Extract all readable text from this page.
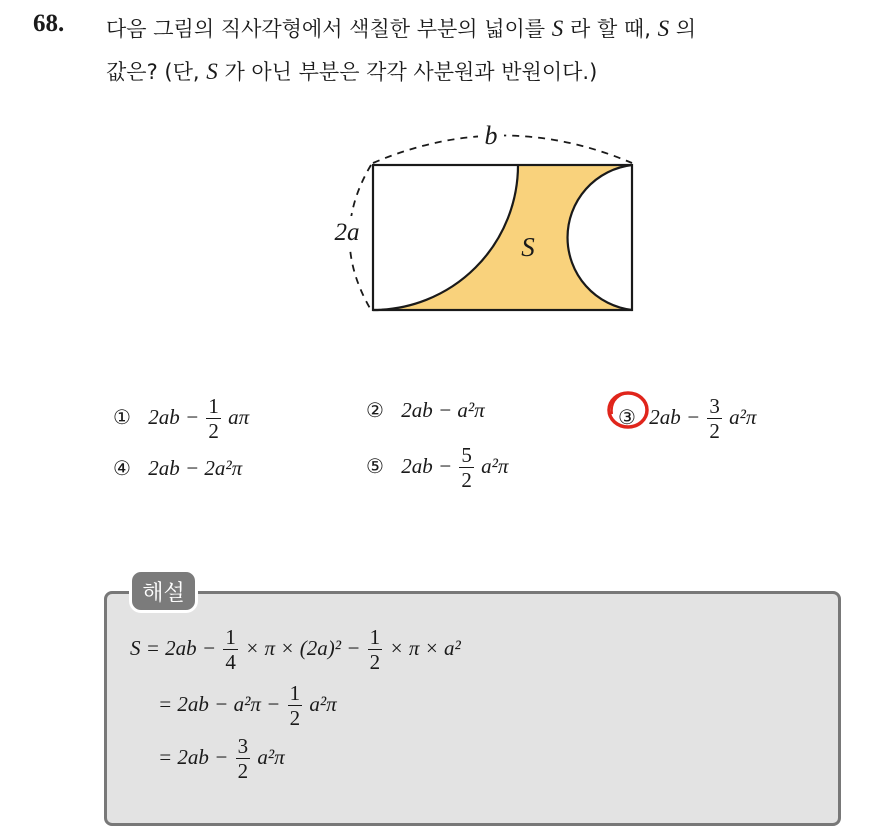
68. 다음 그림의 직사각형에서 색칠한 부분의 넓이를 S 라 할 때, S 의
값은? (단, S 가 아닌 부분은 각각 사분원과 반원이다.)
b
2a	S
① $2ab - \frac{1}{2}$ aπ	② 2ab − a²π	③ $2ab - \frac{3}{2} a^2\pi$
④ 2ab − 2a²π	⑤ $2ab - \frac{5}{2} a^2\pi$
해설
$S = 2ab - \frac{1}{4} \times \pi \times (2a)^2 - \frac{1}{2} \times \pi \times a^2$
= $2ab - a^2\pi - \frac{1}{2} a^2\pi$
= $2ab - \frac{3}{2} a^2\pi$
